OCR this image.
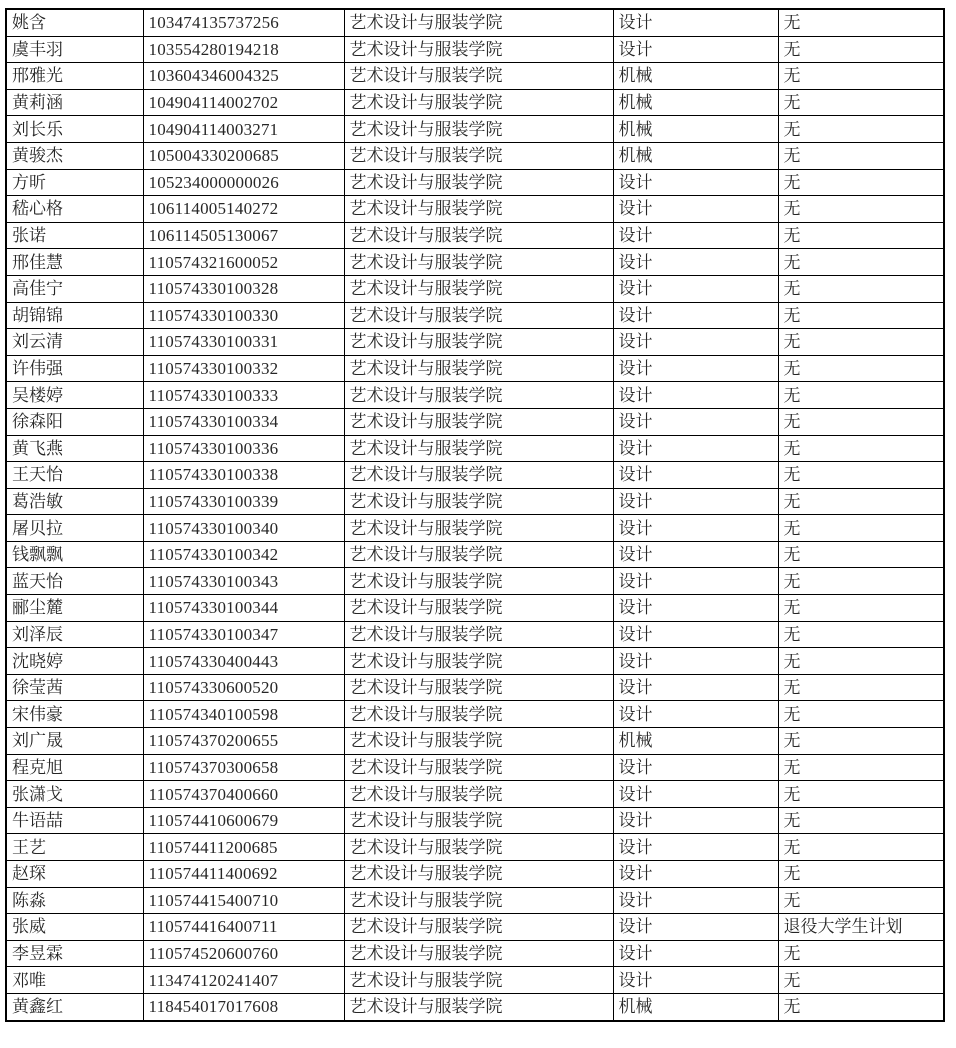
姚含	103474135737256	艺术设计与服装学院	设计	无
虞丰羽	103554280194218	艺术设计与服装学院	设计	无
邢雅光	103604346004325	艺术设计与服装学院	机械	无
黄莉涵	104904114002702	艺术设计与服装学院	机械	无
刘长乐	104904114003271	艺术设计与服装学院	机械	无
黄骏杰	105004330200685	艺术设计与服装学院	机械	无
方昕	105234000000026	艺术设计与服装学院	设计	无
嵇心格	106114005140272	艺术设计与服装学院	设计	无
张诺	106114505130067	艺术设计与服装学院	设计	无
邢佳慧	110574321600052	艺术设计与服装学院	设计	无
高佳宁	110574330100328	艺术设计与服装学院	设计	无
胡锦锦	110574330100330	艺术设计与服装学院	设计	无
刘云清	110574330100331	艺术设计与服装学院	设计	无
许伟强	110574330100332	艺术设计与服装学院	设计	无
吴楼婷	110574330100333	艺术设计与服装学院	设计	无
徐森阳	110574330100334	艺术设计与服装学院	设计	无
黄飞燕	110574330100336	艺术设计与服装学院	设计	无
王天怡	110574330100338	艺术设计与服装学院	设计	无
葛浩敏	110574330100339	艺术设计与服装学院	设计	无
屠贝拉	110574330100340	艺术设计与服装学院	设计	无
钱飘飘	110574330100342	艺术设计与服装学院	设计	无
蓝天怡	110574330100343	艺术设计与服装学院	设计	无
郦尘麓	110574330100344	艺术设计与服装学院	设计	无
刘泽辰	110574330100347	艺术设计与服装学院	设计	无
沈晓婷	110574330400443	艺术设计与服装学院	设计	无
徐莹茜	110574330600520	艺术设计与服装学院	设计	无
宋伟豪	110574340100598	艺术设计与服装学院	设计	无
刘广晟	110574370200655	艺术设计与服装学院	机械	无
程克旭	110574370300658	艺术设计与服装学院	设计	无
张潇戈	110574370400660	艺术设计与服装学院	设计	无
牛语喆	110574410600679	艺术设计与服装学院	设计	无
王艺	110574411200685	艺术设计与服装学院	设计	无
赵琛	110574411400692	艺术设计与服装学院	设计	无
陈淼	110574415400710	艺术设计与服装学院	设计	无
张威	110574416400711	艺术设计与服装学院	设计	退役大学生计划
李昱霖	110574520600760	艺术设计与服装学院	设计	无
邓唯	113474120241407	艺术设计与服装学院	设计	无
黄鑫红	118454017017608	艺术设计与服装学院	机械	无
